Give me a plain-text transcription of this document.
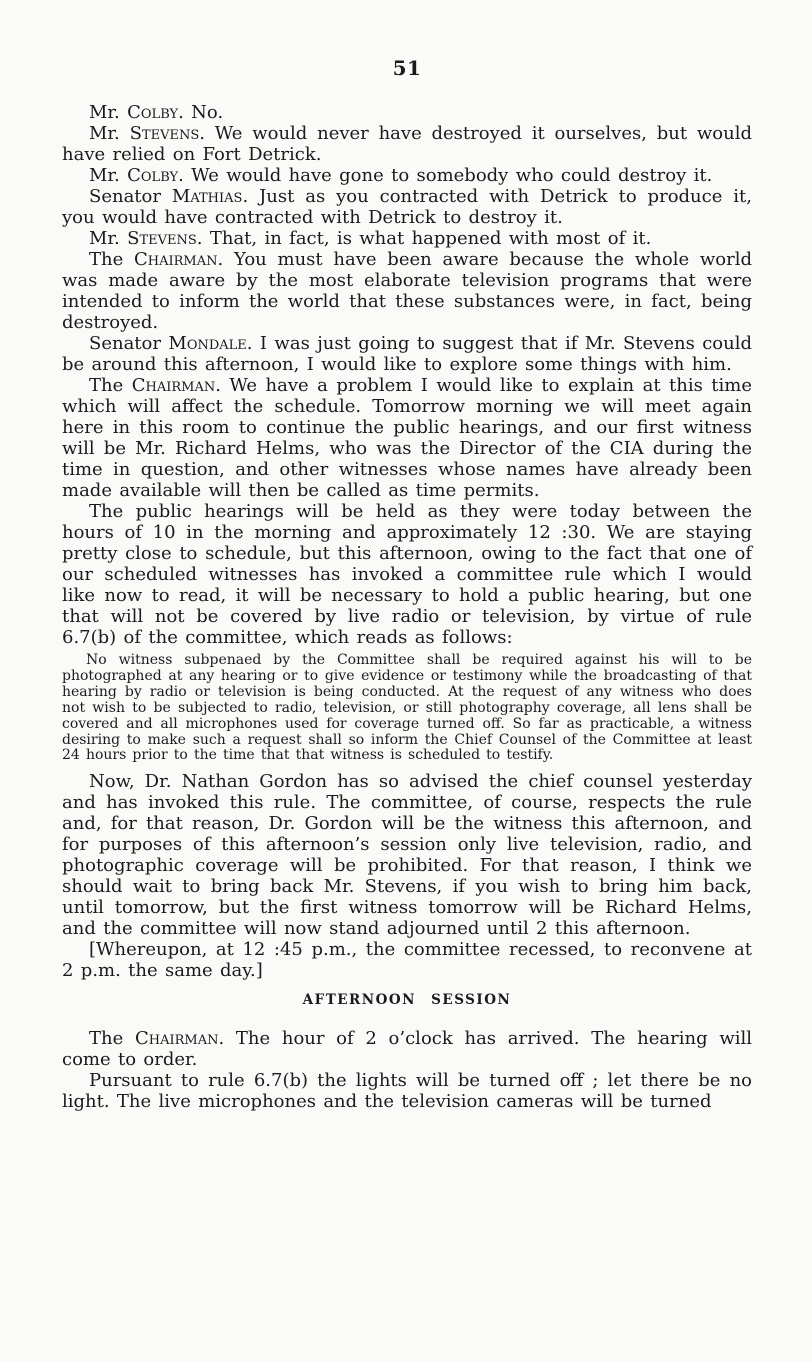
51

Mr. Colby. No.

Mr. Stevens. We would never have destroyed it ourselves, but would have relied on Fort Detrick.

Mr. Colby. We would have gone to somebody who could destroy it.

Senator Mathias. Just as you contracted with Detrick to produce it, you would have contracted with Detrick to destroy it.

Mr. Stevens. That, in fact, is what happened with most of it.

The Chairman. You must have been aware because the whole world was made aware by the most elaborate television programs that were intended to inform the world that these substances were, in fact, being destroyed.

Senator Mondale. I was just going to suggest that if Mr. Stevens could be around this afternoon, I would like to explore some things with him.

The Chairman. We have a problem I would like to explain at this time which will affect the schedule. Tomorrow morning we will meet again here in this room to continue the public hearings, and our first witness will be Mr. Richard Helms, who was the Director of the CIA during the time in question, and other witnesses whose names have already been made available will then be called as time permits.

The public hearings will be held as they were today between the hours of 10 in the morning and approximately 12 :30. We are staying pretty close to schedule, but this afternoon, owing to the fact that one of our scheduled witnesses has invoked a committee rule which I would like now to read, it will be necessary to hold a public hearing, but one that will not be covered by live radio or television, by virtue of rule 6.7(b) of the committee, which reads as follows:

No witness subpenaed by the Committee shall be required against his will to be photographed at any hearing or to give evidence or testimony while the broadcasting of that hearing by radio or television is being conducted. At the request of any witness who does not wish to be subjected to radio, television, or still photography coverage, all lens shall be covered and all microphones used for coverage turned off. So far as practicable, a witness desiring to make such a request shall so inform the Chief Counsel of the Committee at least 24 hours prior to the time that that witness is scheduled to testify.

Now, Dr. Nathan Gordon has so advised the chief counsel yesterday and has invoked this rule. The committee, of course, respects the rule and, for that reason, Dr. Gordon will be the witness this afternoon, and for purposes of this afternoon’s session only live television, radio, and photographic coverage will be prohibited. For that reason, I think we should wait to bring back Mr. Stevens, if you wish to bring him back, until tomorrow, but the first witness tomorrow will be Richard Helms, and the committee will now stand adjourned until 2 this afternoon.

[Whereupon, at 12 :45 p.m., the committee recessed, to reconvene at 2 p.m. the same day.]

AFTERNOON SESSION

The Chairman. The hour of 2 o’clock has arrived. The hearing will come to order.

Pursuant to rule 6.7(b) the lights will be turned off ; let there be no light. The live microphones and the television cameras will be turned
